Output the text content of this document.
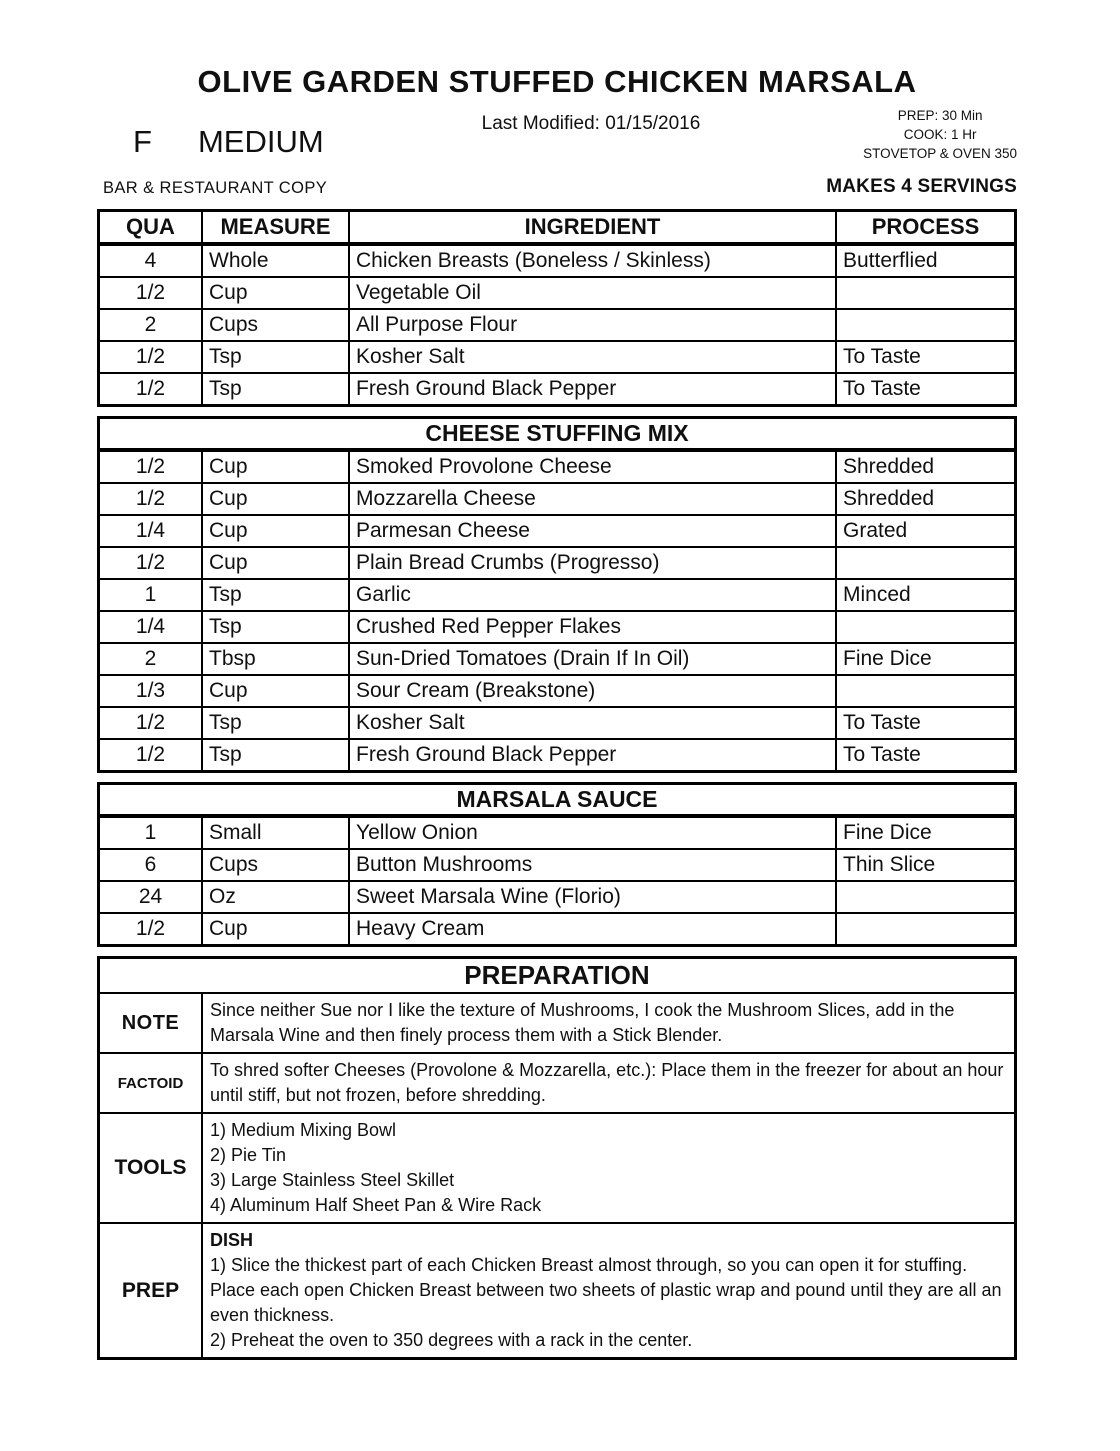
OLIVE GARDEN STUFFED CHICKEN MARSALA
F MEDIUM
Last Modified: 01/15/2016	PREP: 30 Min
COOK: 1 Hr
STOVETOP & OVEN 350
BAR & RESTAURANT COPY	MAKES 4 SERVINGS
QUA	MEASURE	INGREDIENT	PROCESS
4	Whole	Chicken Breasts (Boneless / Skinless)	Butterflied
1/2	Cup	Vegetable Oil
2	Cups	All Purpose Flour
1/2	Tsp	Kosher Salt	To Taste
1/2	Tsp	Fresh Ground Black Pepper	To Taste
CHEESE STUFFING MIX
1/2	Cup	Smoked Provolone Cheese	Shredded
1/2	Cup	Mozzarella Cheese	Shredded
1/4	Cup	Parmesan Cheese	Grated
1/2	Cup	Plain Bread Crumbs (Progresso)
1	Tsp	Garlic	Minced
1/4	Tsp	Crushed Red Pepper Flakes
2	Tbsp	Sun-Dried Tomatoes (Drain If In Oil)	Fine Dice
1/3	Cup	Sour Cream (Breakstone)
1/2	Tsp	Kosher Salt	To Taste
1/2	Tsp	Fresh Ground Black Pepper	To Taste
MARSALA SAUCE
1	Small	Yellow Onion	Fine Dice
6	Cups	Button Mushrooms	Thin Slice
24	Oz	Sweet Marsala Wine (Florio)
1/2	Cup	Heavy Cream
PREPARATION
NOTE
Since neither Sue nor I like the texture of Mushrooms, I cook the Mushroom Slices, add in the Marsala Wine and then finely process them with a Stick Blender.
FACTOID
To shred softer Cheeses (Provolone & Mozzarella, etc.): Place them in the freezer for about an hour until stiff, but not frozen, before shredding.
TOOLS
1) Medium Mixing Bowl
2) Pie Tin
3) Large Stainless Steel Skillet
4) Aluminum Half Sheet Pan & Wire Rack
PREP
DISH
1) Slice the thickest part of each Chicken Breast almost through, so you can open it for stuffing. Place each open Chicken Breast between two sheets of plastic wrap and pound until they are all an even thickness.
2) Preheat the oven to 350 degrees with a rack in the center.
